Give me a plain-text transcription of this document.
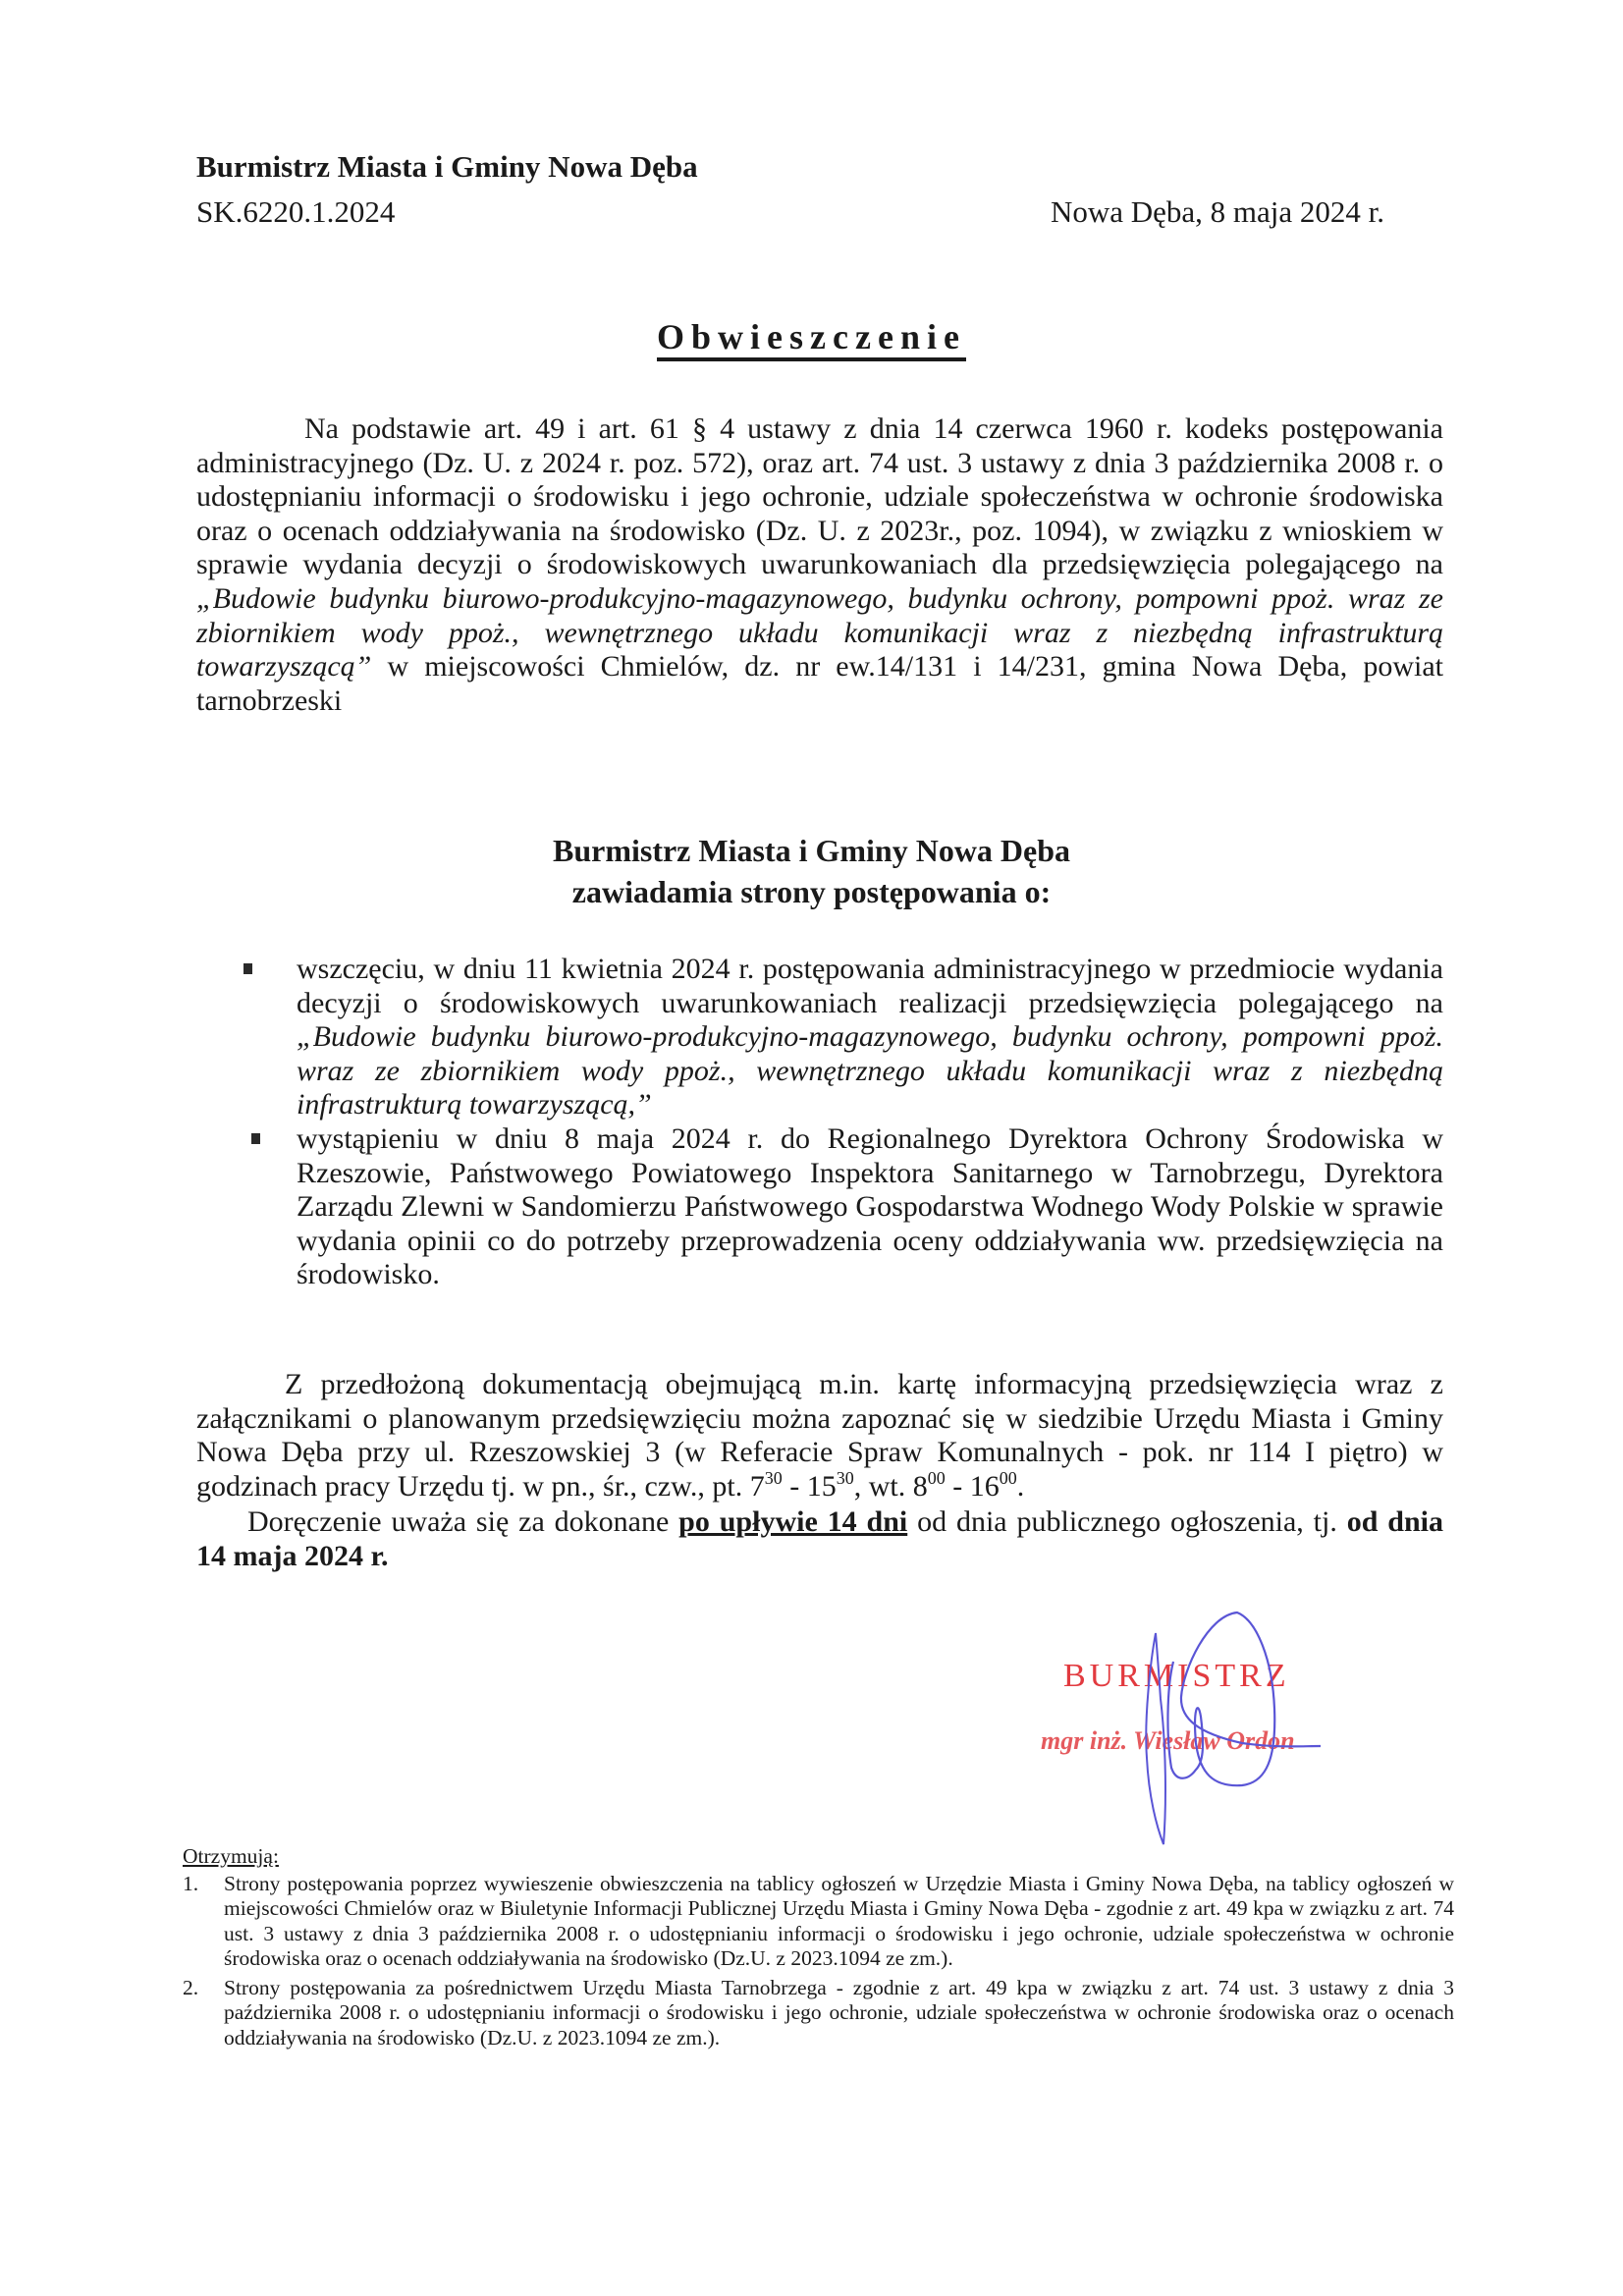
Burmistrz Miasta i Gminy Nowa Dęba
SK.6220.1.2024	Nowa Dęba, 8 maja 2024 r.
Obwieszczenie
Na podstawie art. 49 i art. 61 § 4 ustawy z dnia 14 czerwca 1960 r. kodeks postępowania administracyjnego (Dz. U. z 2024 r. poz. 572), oraz art. 74 ust. 3 ustawy z dnia 3 października 2008 r. o udostępnianiu informacji o środowisku i jego ochronie, udziale społeczeństwa w ochronie środowiska oraz o ocenach oddziaływania na środowisko (Dz. U. z 2023r., poz. 1094), w związku z wnioskiem w sprawie wydania decyzji o środowiskowych uwarunkowaniach dla przedsięwzięcia polegającego na „Budowie budynku biurowo-produkcyjno-magazynowego, budynku ochrony, pompowni ppoż. wraz ze zbiornikiem wody ppoż., wewnętrznego układu komunikacji wraz z niezbędną infrastrukturą towarzyszącą” w miejscowości Chmielów, dz. nr ew.14/131 i 14/231, gmina Nowa Dęba, powiat tarnobrzeski
Burmistrz Miasta i Gminy Nowa Dęba
zawiadamia strony postępowania o:
wszczęciu, w dniu 11 kwietnia 2024 r. postępowania administracyjnego w przedmiocie wydania decyzji o środowiskowych uwarunkowaniach realizacji przedsięwzięcia polegającego na „Budowie budynku biurowo-produkcyjno-magazynowego, budynku ochrony, pompowni ppoż. wraz ze zbiornikiem wody ppoż., wewnętrznego układu komunikacji wraz z niezbędną infrastrukturą towarzyszącą,”
wystąpieniu w dniu 8 maja 2024 r. do Regionalnego Dyrektora Ochrony Środowiska w Rzeszowie, Państwowego Powiatowego Inspektora Sanitarnego w Tarnobrzegu, Dyrektora Zarządu Zlewni w Sandomierzu Państwowego Gospodarstwa Wodnego Wody Polskie w sprawie wydania opinii co do potrzeby przeprowadzenia oceny oddziaływania ww. przedsięwzięcia na środowisko.
Z przedłożoną dokumentacją obejmującą m.in. kartę informacyjną przedsięwzięcia wraz z załącznikami o planowanym przedsięwzięciu można zapoznać się w siedzibie Urzędu Miasta i Gminy Nowa Dęba przy ul. Rzeszowskiej 3 (w Referacie Spraw Komunalnych - pok. nr 114 I piętro) w godzinach pracy Urzędu tj. w pn., śr., czw., pt. $7^{30} - 15^{30}$, wt. $8^{00} - 16^{00}$.
Doręczenie uważa się za dokonane po upływie 14 dni od dnia publicznego ogłoszenia, tj. od dnia 14 maja 2024 r.
BURMISTRZ
mgr inż. Wiesław Ordon
Otrzymują:
1. Strony postępowania poprzez wywieszenie obwieszczenia na tablicy ogłoszeń w Urzędzie Miasta i Gminy Nowa Dęba, na tablicy ogłoszeń w miejscowości Chmielów oraz w Biuletynie Informacji Publicznej Urzędu Miasta i Gminy Nowa Dęba - zgodnie z art. 49 kpa w związku z art. 74 ust. 3 ustawy z dnia 3 października 2008 r. o udostępnianiu informacji o środowisku i jego ochronie, udziale społeczeństwa w ochronie środowiska oraz o ocenach oddziaływania na środowisko (Dz.U. z 2023.1094 ze zm.).
2. Strony postępowania za pośrednictwem Urzędu Miasta Tarnobrzega - zgodnie z art. 49 kpa w związku z art. 74 ust. 3 ustawy z dnia 3 października 2008 r. o udostępnianiu informacji o środowisku i jego ochronie, udziale społeczeństwa w ochronie środowiska oraz o ocenach oddziaływania na środowisko (Dz.U. z 2023.1094 ze zm.).
